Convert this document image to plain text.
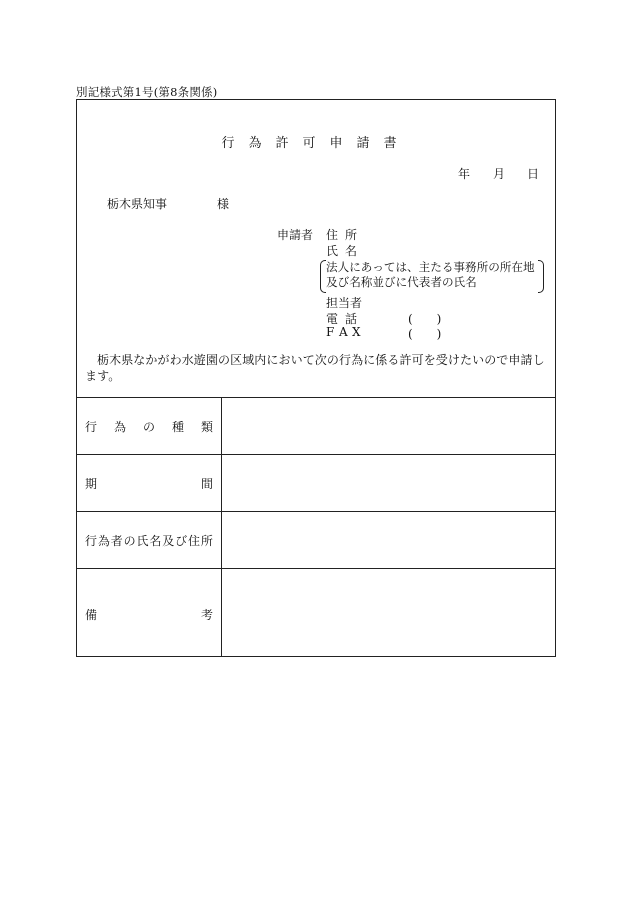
別記様式第1号(第8条関係)
行為許可申請書
年 月 日
栃木県知事	様
申請者 住 所
氏 名
法人にあっては、主たる事務所の所在地
及び名称並びに代表者の氏名
担当者
電 話	(　　)
F A X	(　　)
栃木県なかがわ水遊園の区域内において次の行為に係る許可を受けたいので申請します。
行 為 の 種 類
期	間
行 為 者 の 氏 名 及 び 住 所
備	考
